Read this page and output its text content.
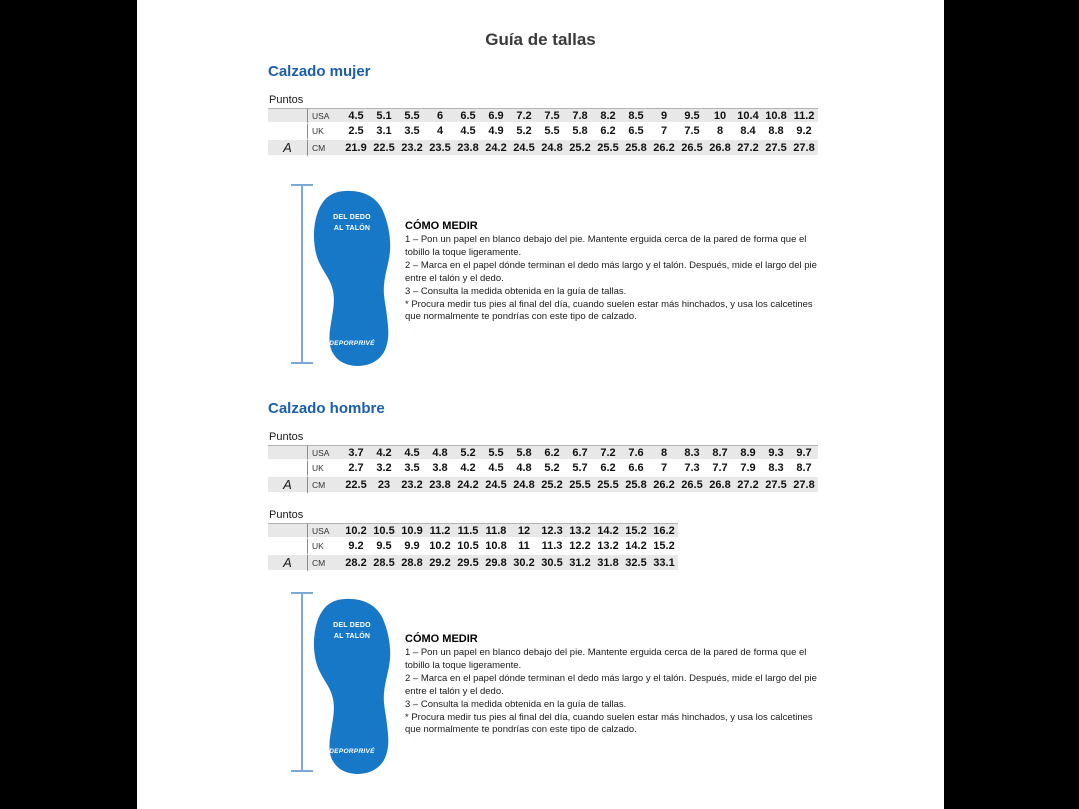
Guía de tallas
Calzado mujer
Puntos
	USA	4.5	5.1	5.5	6	6.5	6.9	7.2	7.5	7.8	8.2	8.5	9	9.5	10	10.4	10.8	11.2
	UK	2.5	3.1	3.5	4	4.5	4.9	5.2	5.5	5.8	6.2	6.5	7	7.5	8	8.4	8.8	9.2
A	CM	21.9	22.5	23.2	23.5	23.8	24.2	24.5	24.8	25.2	25.5	25.8	26.2	26.5	26.8	27.2	27.5	27.8
DEL DEDO
AL TALÓN
DEPORPRIVÉ
CÓMO MEDIR
1 – Pon un papel en blanco debajo del pie. Mantente erguida cerca de la pared de forma que el tobillo la toque ligeramente.
2 – Marca en el papel dónde terminan el dedo más largo y el talón. Después, mide el largo del pie entre el talón y el dedo.
3 – Consulta la medida obtenida en la guía de tallas.
* Procura medir tus pies al final del día, cuando suelen estar más hinchados, y usa los calcetines que normalmente te pondrías con este tipo de calzado.
Calzado hombre
Puntos
	USA	3.7	4.2	4.5	4.8	5.2	5.5	5.8	6.2	6.7	7.2	7.6	8	8.3	8.7	8.9	9.3	9.7
	UK	2.7	3.2	3.5	3.8	4.2	4.5	4.8	5.2	5.7	6.2	6.6	7	7.3	7.7	7.9	8.3	8.7
A	CM	22.5	23	23.2	23.8	24.2	24.5	24.8	25.2	25.5	25.5	25.8	26.2	26.5	26.8	27.2	27.5	27.8
Puntos
	USA	10.2	10.5	10.9	11.2	11.5	11.8	12	12.3	13.2	14.2	15.2	16.2
	UK	9.2	9.5	9.9	10.2	10.5	10.8	11	11.3	12.2	13.2	14.2	15.2
A	CM	28.2	28.5	28.8	29.2	29.5	29.8	30.2	30.5	31.2	31.8	32.5	33.1
DEL DEDO
AL TALÓN
DEPORPRIVÉ
CÓMO MEDIR
1 – Pon un papel en blanco debajo del pie. Mantente erguida cerca de la pared de forma que el tobillo la toque ligeramente.
2 – Marca en el papel dónde terminan el dedo más largo y el talón. Después, mide el largo del pie entre el talón y el dedo.
3 – Consulta la medida obtenida en la guía de tallas.
* Procura medir tus pies al final del día, cuando suelen estar más hinchados, y usa los calcetines que normalmente te pondrías con este tipo de calzado.
